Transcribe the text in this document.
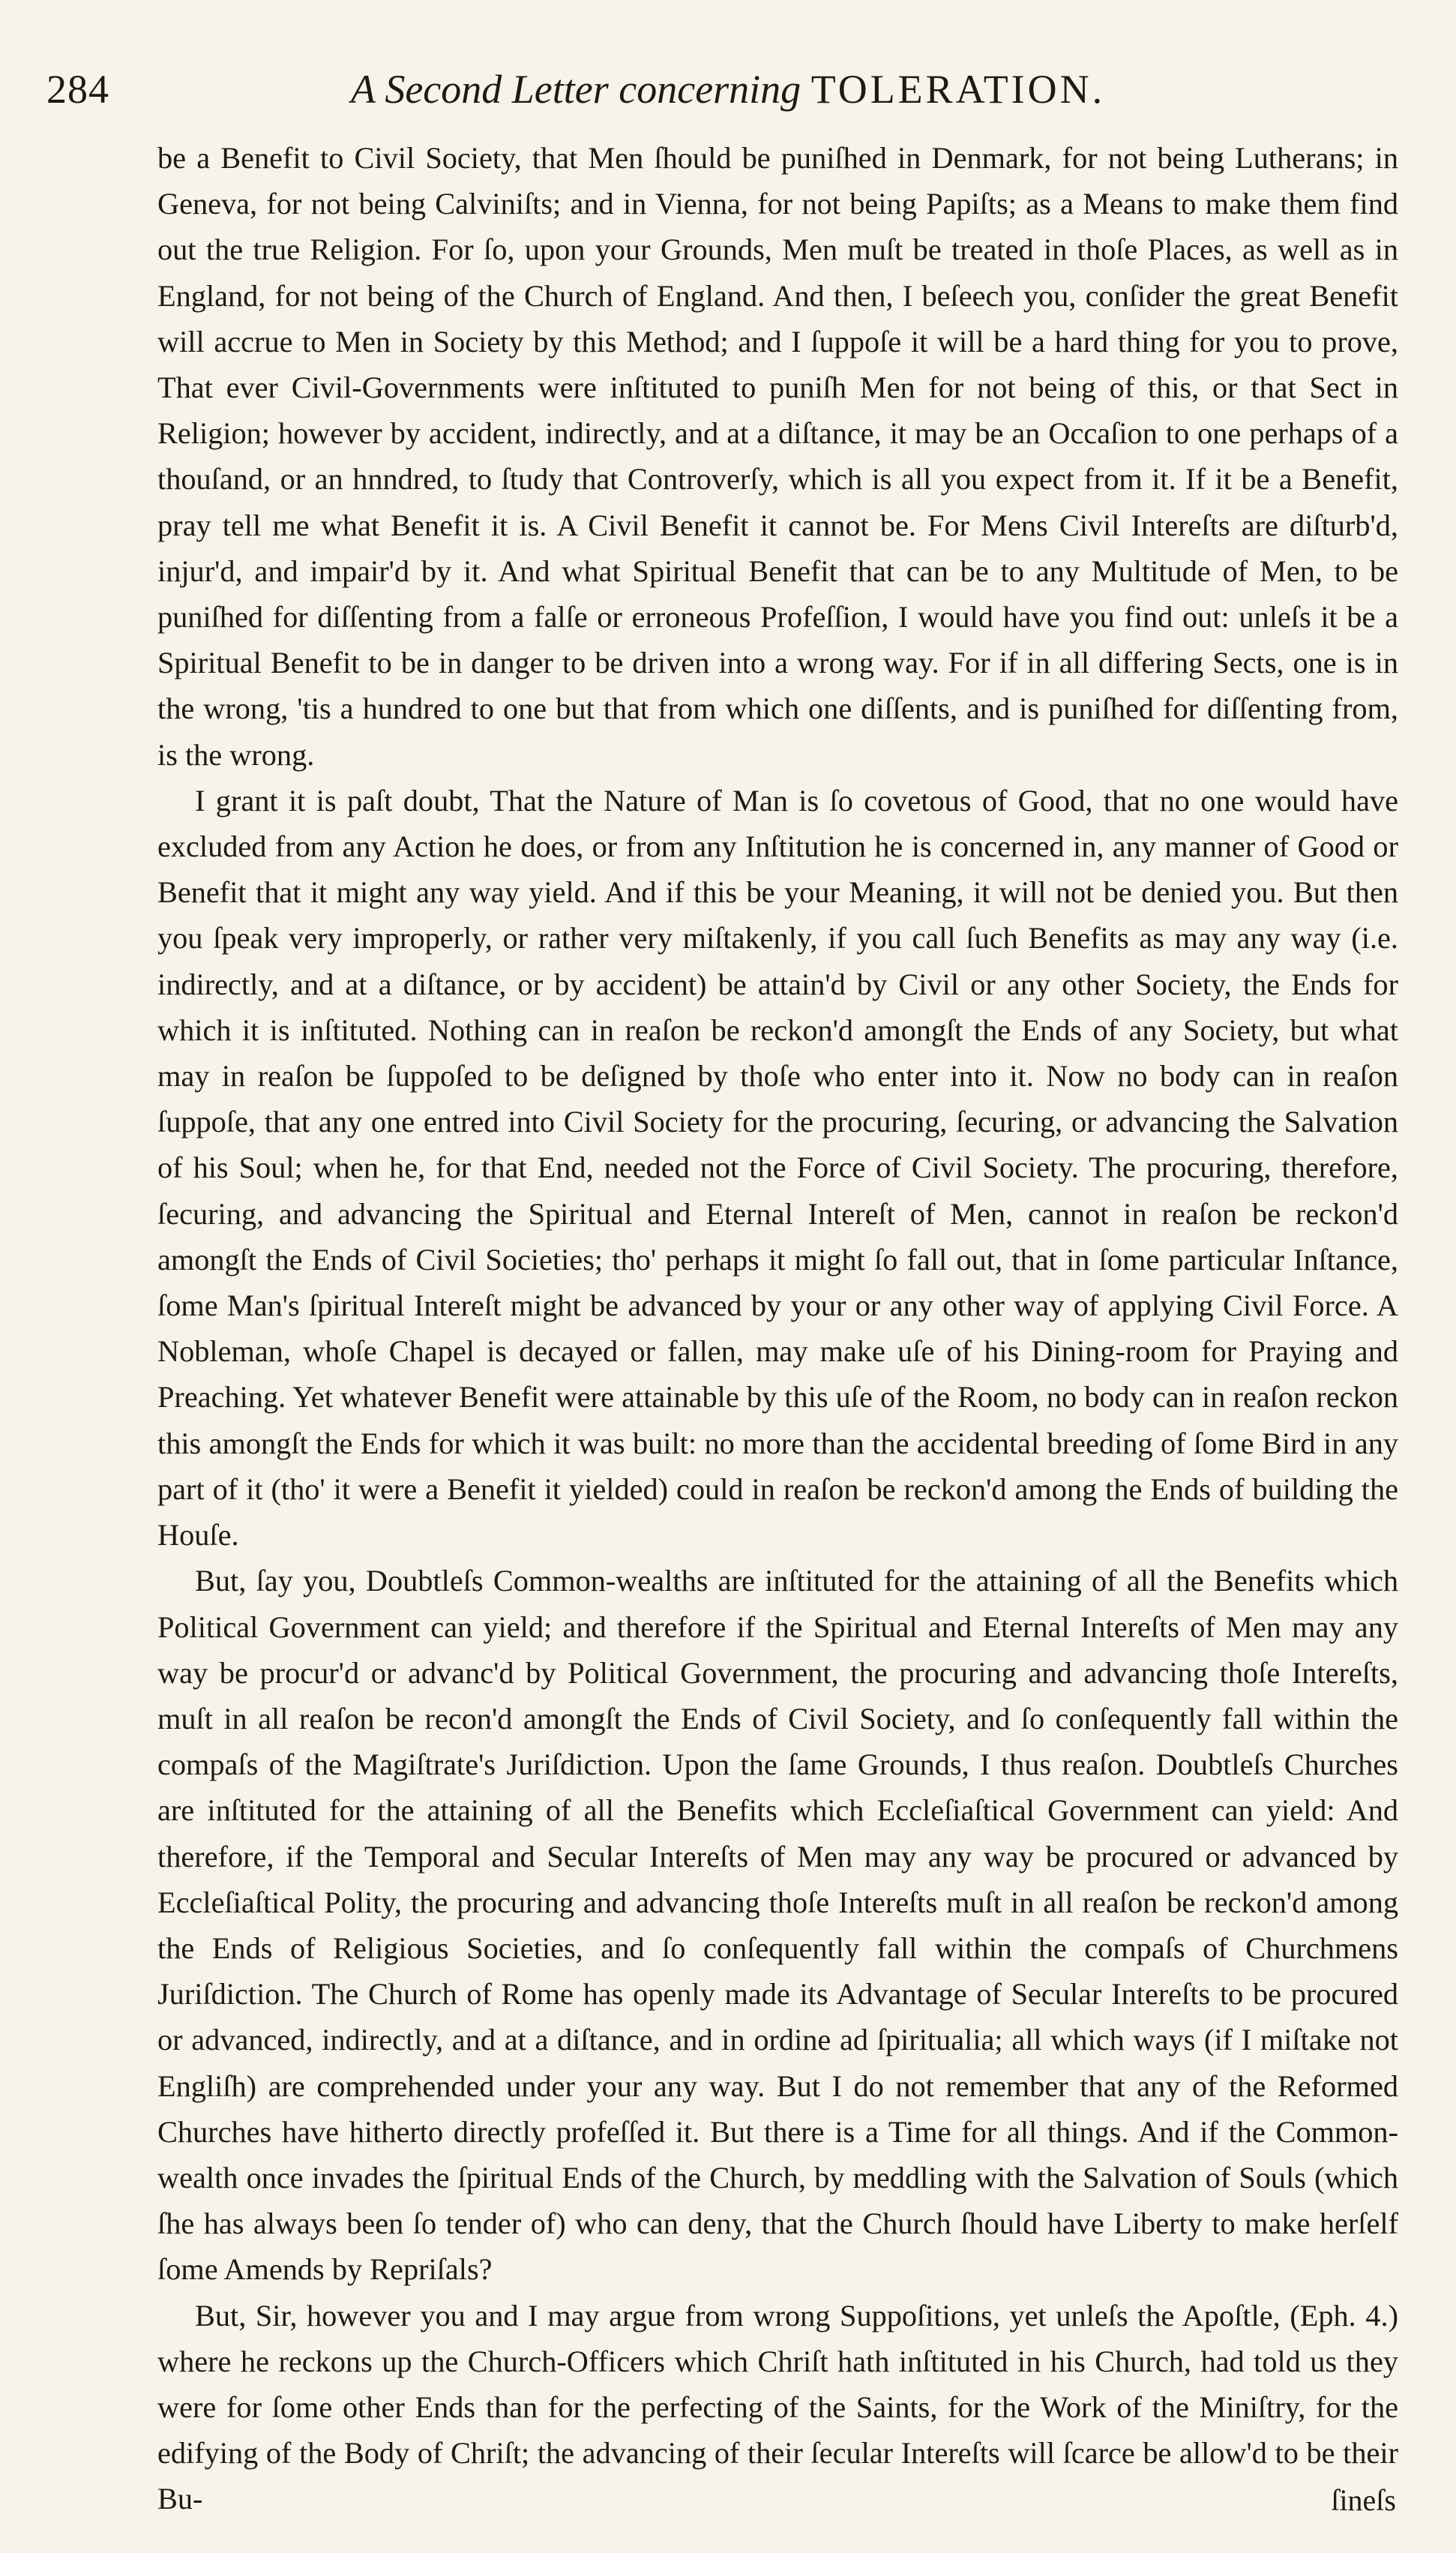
284	A Second Letter concerning TOLERATION.

be a Benefit to Civil Society, that Men ſhould be puniſhed in Denmark, for not being Lutherans; in Geneva, for not being Calviniſts; and in Vienna, for not being Papiſts; as a Means to make them find out the true Religion. For ſo, upon your Grounds, Men muſt be treated in thoſe Places, as well as in England, for not being of the Church of England. And then, I beſeech you, conſider the great Benefit will accrue to Men in Society by this Method; and I ſuppoſe it will be a hard thing for you to prove, That ever Civil-Governments were inſtituted to puniſh Men for not being of this, or that Sect in Religion; however by accident, indirectly, and at a diſtance, it may be an Occaſion to one perhaps of a thouſand, or an hnndred, to ſtudy that Controverſy, which is all you expect from it. If it be a Benefit, pray tell me what Benefit it is. A Civil Benefit it cannot be. For Mens Civil Intereſts are diſturb'd, injur'd, and impair'd by it. And what Spiritual Benefit that can be to any Multitude of Men, to be puniſhed for diſſenting from a falſe or erroneous Profeſſion, I would have you find out: unleſs it be a Spiritual Benefit to be in danger to be driven into a wrong way. For if in all differing Sects, one is in the wrong, 'tis a hundred to one but that from which one diſſents, and is puniſhed for diſſenting from, is the wrong.

I grant it is paſt doubt, That the Nature of Man is ſo covetous of Good, that no one would have excluded from any Action he does, or from any Inſtitution he is concerned in, any manner of Good or Benefit that it might any way yield. And if this be your Meaning, it will not be denied you. But then you ſpeak very improperly, or rather very miſtakenly, if you call ſuch Benefits as may any way (i.e. indirectly, and at a diſtance, or by accident) be attain'd by Civil or any other Society, the Ends for which it is inſtituted. Nothing can in reaſon be reckon'd amongſt the Ends of any Society, but what may in reaſon be ſuppoſed to be deſigned by thoſe who enter into it. Now no body can in reaſon ſuppoſe, that any one entred into Civil Society for the procuring, ſecuring, or advancing the Salvation of his Soul; when he, for that End, needed not the Force of Civil Society. The procuring, therefore, ſecuring, and advancing the Spiritual and Eternal Intereſt of Men, cannot in reaſon be reckon'd amongſt the Ends of Civil Societies; tho' perhaps it might ſo fall out, that in ſome particular Inſtance, ſome Man's ſpiritual Intereſt might be advanced by your or any other way of applying Civil Force. A Nobleman, whoſe Chapel is decayed or fallen, may make uſe of his Dining-room for Praying and Preaching. Yet whatever Benefit were attainable by this uſe of the Room, no body can in reaſon reckon this amongſt the Ends for which it was built: no more than the accidental breeding of ſome Bird in any part of it (tho' it were a Benefit it yielded) could in reaſon be reckon'd among the Ends of building the Houſe.

But, ſay you, Doubtleſs Common-wealths are inſtituted for the attaining of all the Benefits which Political Government can yield; and therefore if the Spiritual and Eternal Intereſts of Men may any way be procur'd or advanc'd by Political Government, the procuring and advancing thoſe Intereſts, muſt in all reaſon be recon'd amongſt the Ends of Civil Society, and ſo conſequently fall within the compaſs of the Magiſtrate's Juriſdiction. Upon the ſame Grounds, I thus reaſon. Doubtleſs Churches are inſtituted for the attaining of all the Benefits which Eccleſiaſtical Government can yield: And therefore, if the Temporal and Secular Intereſts of Men may any way be procured or advanced by Eccleſiaſtical Polity, the procuring and advancing thoſe Intereſts muſt in all reaſon be reckon'd among the Ends of Religious Societies, and ſo conſequently fall within the compaſs of Churchmens Juriſdiction. The Church of Rome has openly made its Advantage of Secular Intereſts to be procured or advanced, indirectly, and at a diſtance, and in ordine ad ſpiritualia; all which ways (if I miſtake not Engliſh) are comprehended under your any way. But I do not remember that any of the Reformed Churches have hitherto directly profeſſed it. But there is a Time for all things. And if the Common-wealth once invades the ſpiritual Ends of the Church, by meddling with the Salvation of Souls (which ſhe has always been ſo tender of) who can deny, that the Church ſhould have Liberty to make herſelf ſome Amends by Repriſals?

But, Sir, however you and I may argue from wrong Suppoſitions, yet unleſs the Apoſtle, (Eph. 4.) where he reckons up the Church-Officers which Chriſt hath inſtituted in his Church, had told us they were for ſome other Ends than for the perfecting of the Saints, for the Work of the Miniſtry, for the edifying of the Body of Chriſt; the advancing of their ſecular Intereſts will ſcarce be allow'd to be their Bu-	ſineſs
